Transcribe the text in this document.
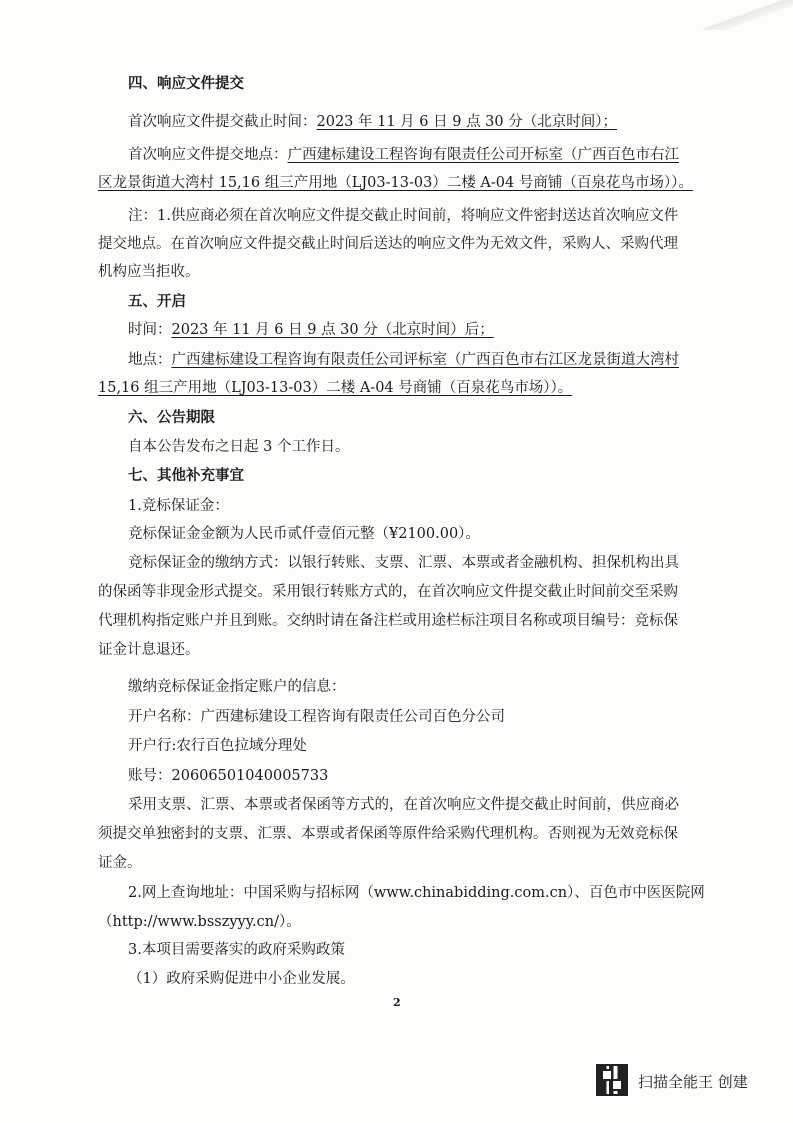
四、响应文件提交
首次响应文件提交截止时间：2023 年 11 月 6 日 9 点 30 分（北京时间）；
首次响应文件提交地点：广西建标建设工程咨询有限责任公司开标室（广西百色市右江
区龙景街道大湾村 15,16 组三产用地（LJ03-13-03）二楼 A-04 号商铺（百泉花鸟市场））。
注：1.供应商必须在首次响应文件提交截止时间前，将响应文件密封送达首次响应文件
提交地点。在首次响应文件提交截止时间后送达的响应文件为无效文件，采购人、采购代理
机构应当拒收。
五、开启
时间：2023 年 11 月 6 日 9 点 30 分（北京时间）后；
地点：广西建标建设工程咨询有限责任公司评标室（广西百色市右江区龙景街道大湾村
15,16 组三产用地（LJ03-13-03）二楼 A-04 号商铺（百泉花鸟市场））。
六、公告期限
自本公告发布之日起 3 个工作日。
七、其他补充事宜
1.竞标保证金：
竞标保证金金额为人民币贰仟壹佰元整（¥2100.00）。
竞标保证金的缴纳方式：以银行转账、支票、汇票、本票或者金融机构、担保机构出具
的保函等非现金形式提交。采用银行转账方式的，在首次响应文件提交截止时间前交至采购
代理机构指定账户并且到账。交纳时请在备注栏或用途栏标注项目名称或项目编号：竞标保
证金计息退还。
缴纳竞标保证金指定账户的信息：
开户名称：广西建标建设工程咨询有限责任公司百色分公司
开户行:农行百色拉域分理处
账号：20606501040005733
采用支票、汇票、本票或者保函等方式的，在首次响应文件提交截止时间前，供应商必
须提交单独密封的支票、汇票、本票或者保函等原件给采购代理机构。否则视为无效竞标保
证金。
2.网上查询地址：中国采购与招标网（www.chinabidding.com.cn）、百色市中医医院网
（http://www.bsszyyy.cn/）。
3.本项目需要落实的政府采购政策
（1）政府采购促进中小企业发展。
2
扫描全能王 创建
